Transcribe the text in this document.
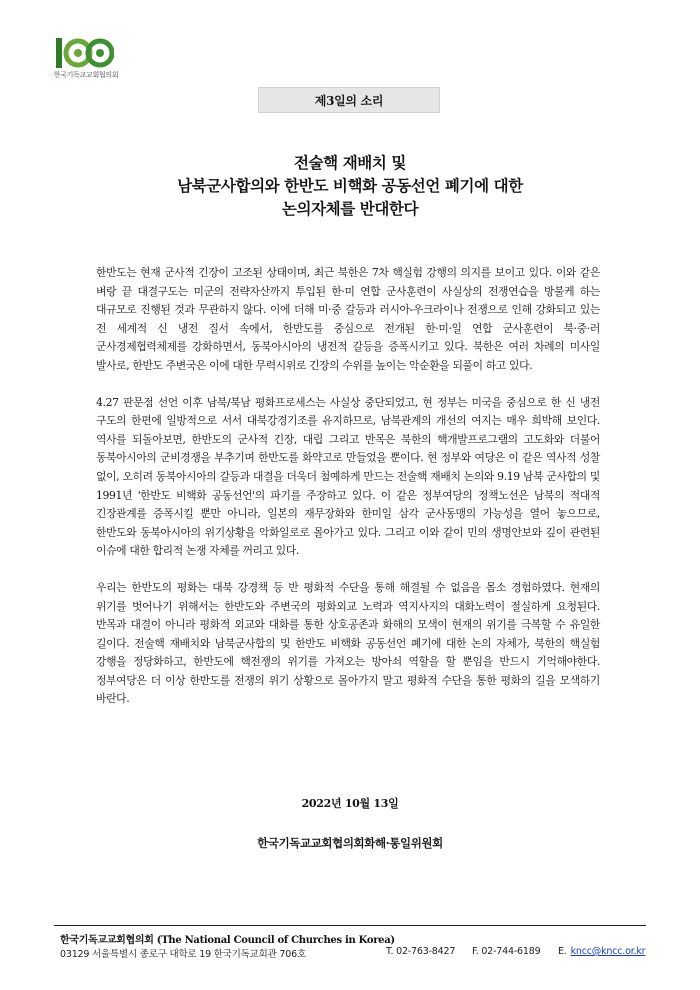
한국기독교교회협의회
제3일의 소리
전술핵 재배치 및
남북군사합의와 한반도 비핵화 공동선언 폐기에 대한
논의자체를 반대한다

한반도는 현재 군사적 긴장이 고조된 상태이며, 최근 북한은 7차 핵실험 강행의 의지를 보이고 있다. 이와 같은 벼랑 끝 대결구도는 미군의 전략자산까지 투입된 한·미 연합 군사훈련이 사실상의 전쟁연습을 방불케 하는 대규모로 진행된 것과 무관하지 않다. 이에 더해 미·중 갈등과 러시아-우크라이나 전쟁으로 인해 강화되고 있는 전 세계적 신 냉전 질서 속에서, 한반도를 중심으로 전개된 한·미·일 연합 군사훈련이 북·중·러 군사경제협력체제를 강화하면서, 동북아시아의 냉전적 갈등을 증폭시키고 있다. 북한은 여러 차례의 미사일 발사로, 한반도 주변국은 이에 대한 무력시위로 긴장의 수위를 높이는 악순환을 되풀이 하고 있다.

4.27 판문점 선언 이후 남북/북남 평화프로세스는 사실상 중단되었고, 현 정부는 미국을 중심으로 한 신 냉전 구도의 한편에 일방적으로 서서 대북강경기조를 유지하므로, 남북관계의 개선의 여지는 매우 희박해 보인다. 역사를 되돌아보면, 한반도의 군사적 긴장, 대립 그리고 반목은 북한의 핵개발프로그램의 고도화와 더불어 동북아시아의 군비경쟁을 부추기며 한반도를 화약고로 만들었을 뿐이다. 현 정부와 여당은 이 같은 역사적 성찰 없이, 오히려 동북아시아의 갈등과 대결을 더욱더 첨예하게 만드는 전술핵 재배치 논의와 9.19 남북 군사합의 및 1991년 '한반도 비핵화 공동선언'의 파기를 주장하고 있다. 이 같은 정부여당의 정책노선은 남북의 적대적 긴장관계를 증폭시킬 뿐만 아니라, 일본의 재무장화와 한미일 삼각 군사동맹의 가능성을 열어 놓으므로, 한반도와 동북아시아의 위기상황을 악화일로로 몰아가고 있다. 그리고 이와 같이 민의 생명안보와 깊이 관련된 이슈에 대한 합리적 논쟁 자체를 꺼리고 있다.

우리는 한반도의 평화는 대북 강경책 등 반 평화적 수단을 통해 해결될 수 없음을 몸소 경험하였다. 현재의 위기를 벗어나기 위해서는 한반도와 주변국의 평화외교 노력과 역지사지의 대화노력이 절실하게 요청된다. 반목과 대결이 아니라 평화적 외교와 대화를 통한 상호공존과 화해의 모색이 현재의 위기를 극복할 수 유일한 길이다. 전술핵 재배치와 남북군사합의 및 한반도 비핵화 공동선언 폐기에 대한 논의 자체가, 북한의 핵실험 강행을 정당화하고, 한반도에 핵전쟁의 위기를 가져오는 방아쇠 역할을 할 뿐임을 반드시 기억해야한다. 정부여당은 더 이상 한반도를 전쟁의 위기 상황으로 몰아가지 말고 평화적 수단을 통한 평화의 길을 모색하기 바란다.

2022년 10월 13일
한국기독교교회협의회화해·통일위원회
한국기독교교회협의회 (The National Council of Churches in Korea)
03129 서울특별시 종로구 대학로 19 한국기독교회관 706호	T. 02-763-8427	F. 02-744-6189	E. kncc@kncc.or.kr
